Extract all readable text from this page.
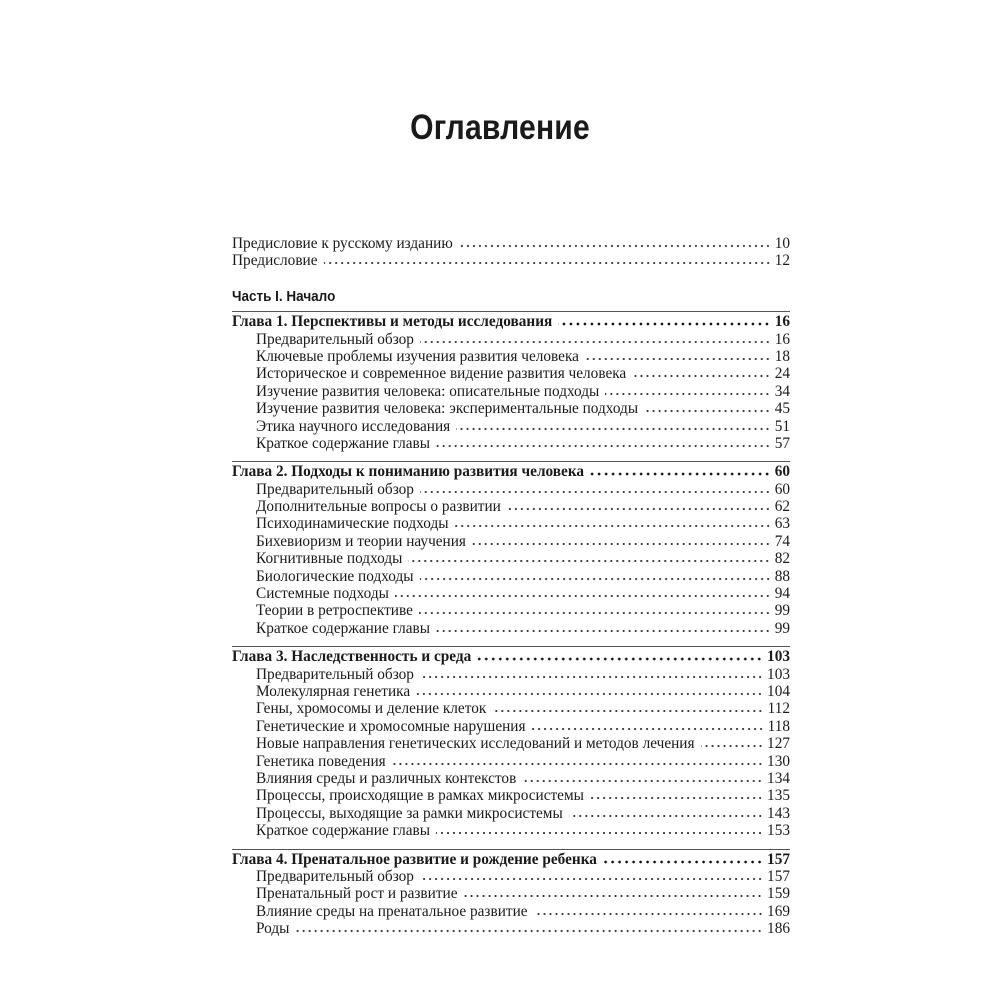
Оглавление
Предисловие к русскому изданию	10
Предисловие	12
Часть I. Начало
Глава 1. Перспективы и методы исследования	16
Предварительный обзор	16
Ключевые проблемы изучения развития человека	18
Историческое и современное видение развития человека	24
Изучение развития человека: описательные подходы	34
Изучение развития человека: экспериментальные подходы	45
Этика научного исследования	51
Краткое содержание главы	57
Глава 2. Подходы к пониманию развития человека	60
Предварительный обзор	60
Дополнительные вопросы о развитии	62
Психодинамические подходы	63
Бихевиоризм и теории научения	74
Когнитивные подходы	82
Биологические подходы	88
Системные подходы	94
Теории в ретроспективе	99
Краткое содержание главы	99
Глава 3. Наследственность и среда	103
Предварительный обзор	103
Молекулярная генетика	104
Гены, хромосомы и деление клеток	112
Генетические и хромосомные нарушения	118
Новые направления генетических исследований и методов лечения	127
Генетика поведения	130
Влияния среды и различных контекстов	134
Процессы, происходящие в рамках микросистемы	135
Процессы, выходящие за рамки микросистемы	143
Краткое содержание главы	153
Глава 4. Пренатальное развитие и рождение ребенка	157
Предварительный обзор	157
Пренатальный рост и развитие	159
Влияние среды на пренатальное развитие	169
Роды	186
